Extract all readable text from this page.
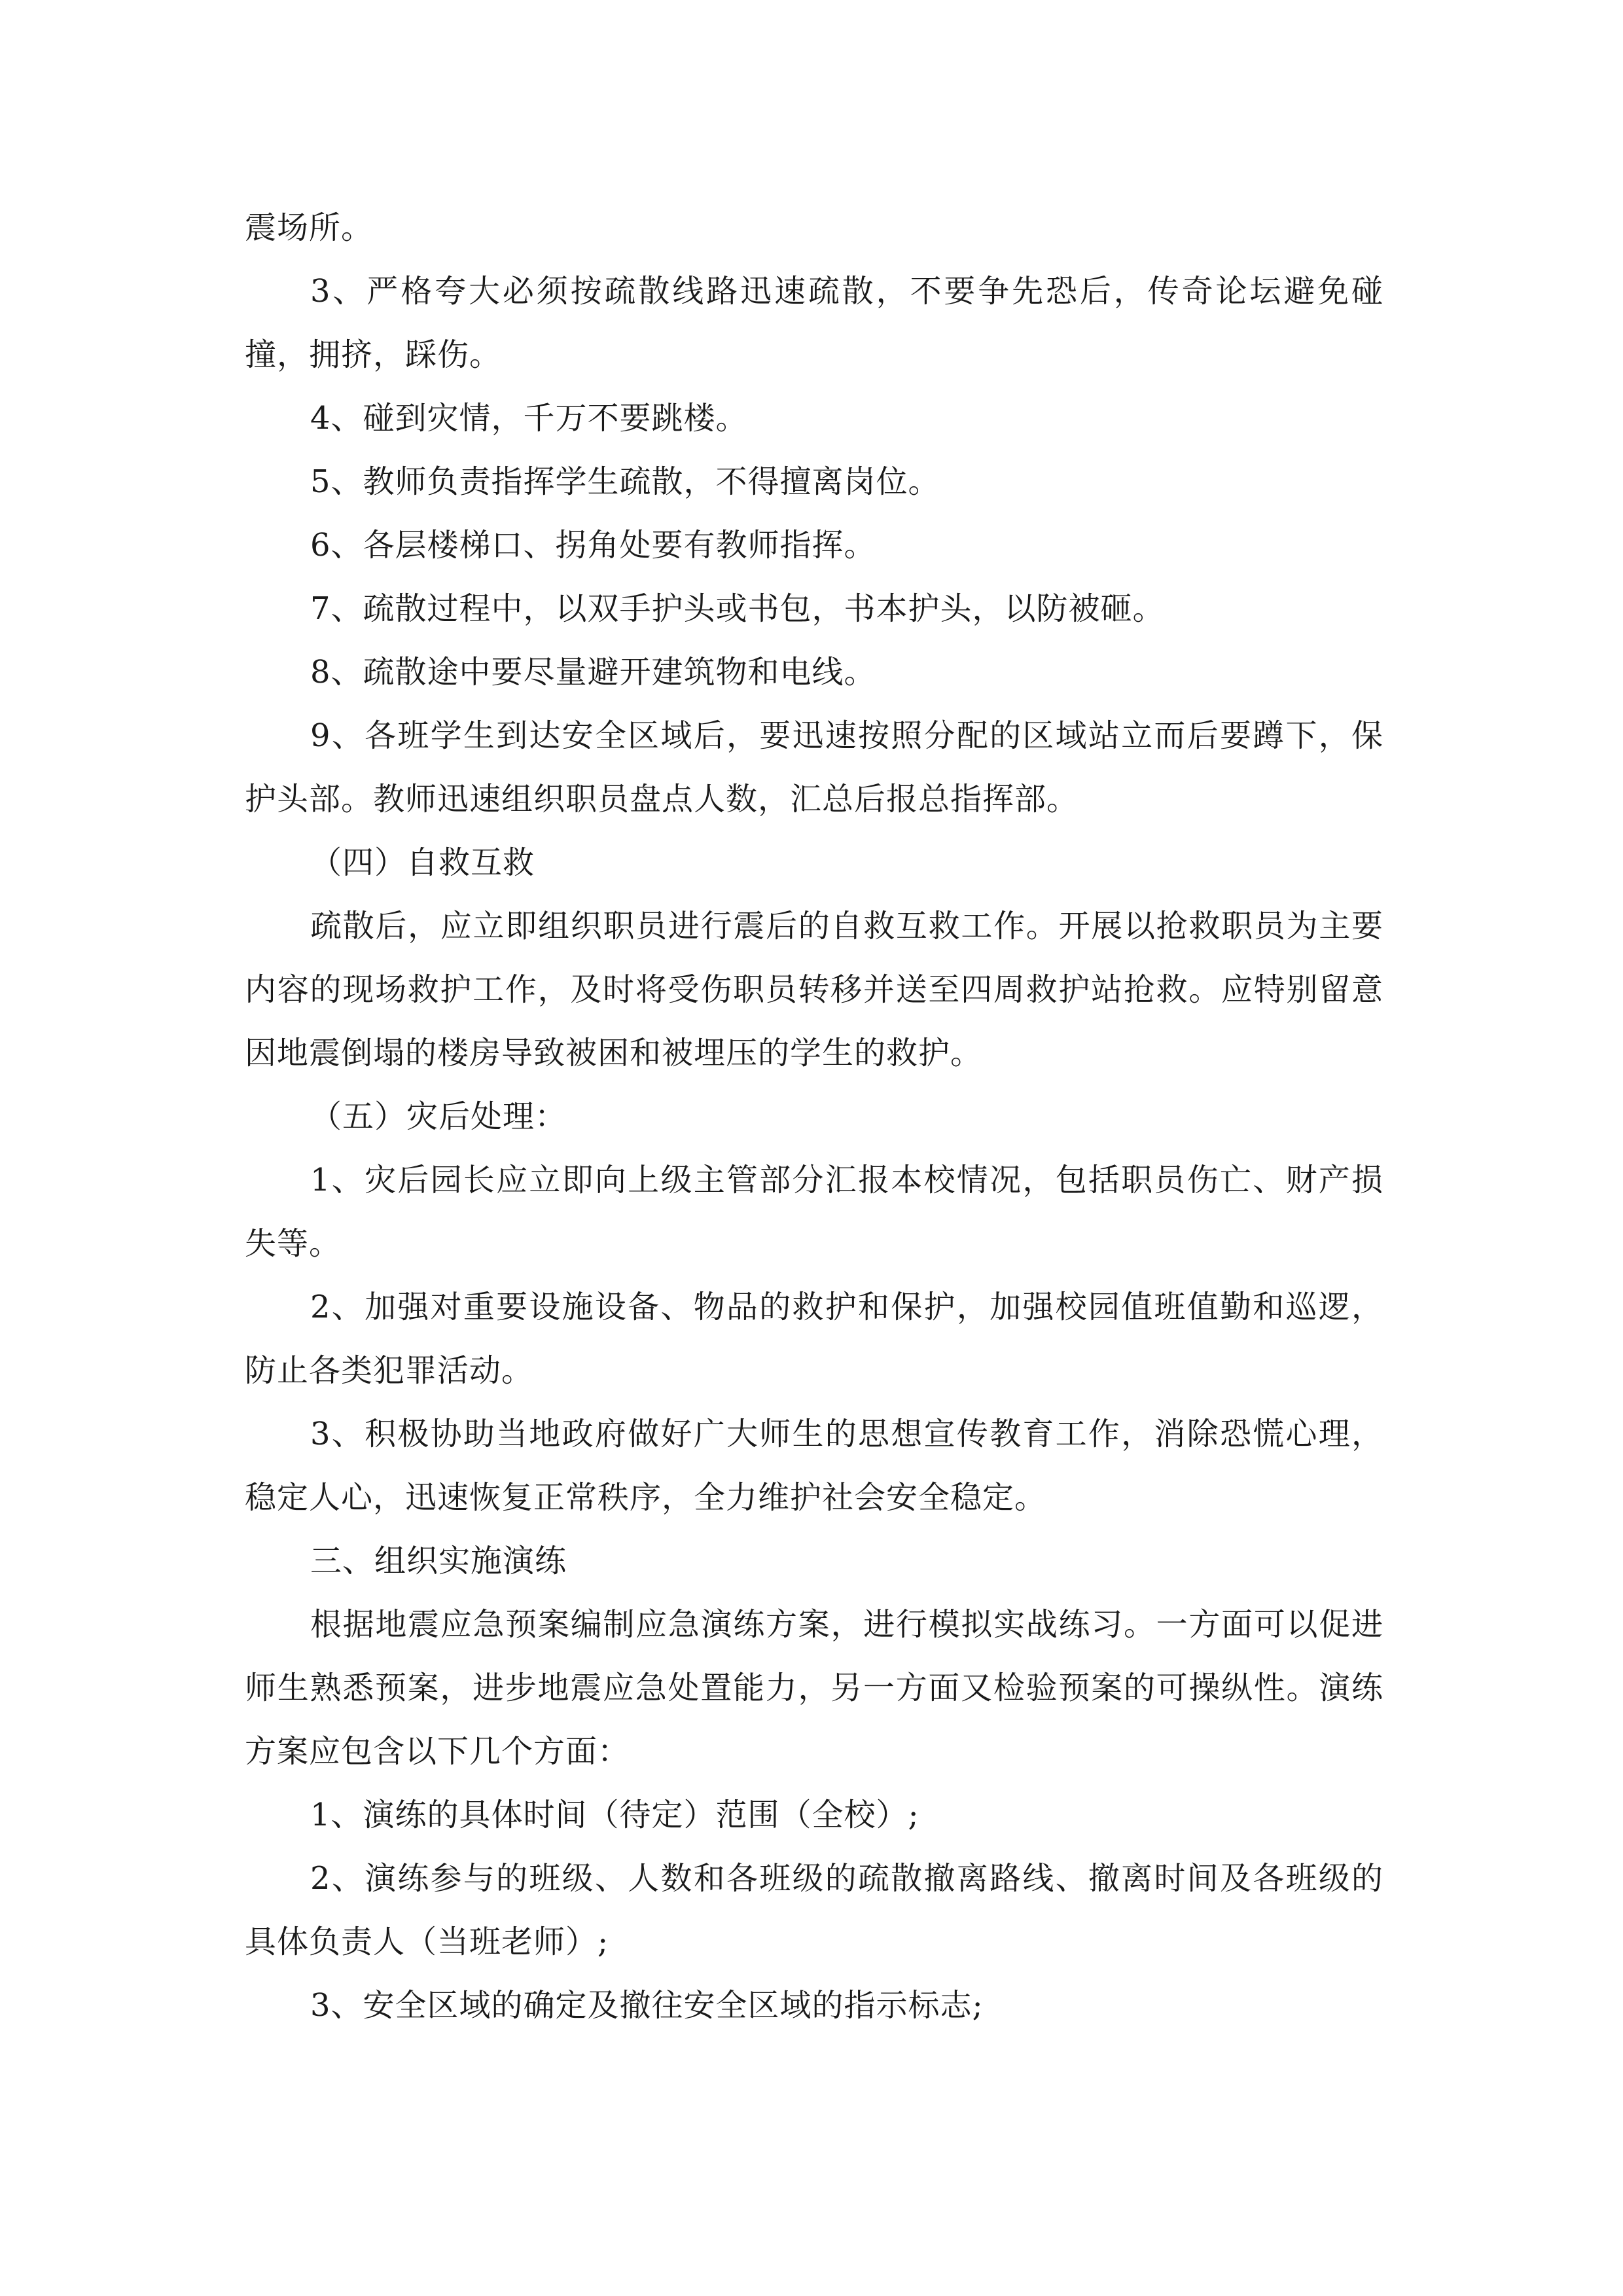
震场所。

3、严格夸大必须按疏散线路迅速疏散，不要争先恐后，传奇论坛避免碰撞，拥挤，踩伤。

4、碰到灾情，千万不要跳楼。

5、教师负责指挥学生疏散，不得擅离岗位。

6、各层楼梯口、拐角处要有教师指挥。

7、疏散过程中，以双手护头或书包，书本护头，以防被砸。

8、疏散途中要尽量避开建筑物和电线。

9、各班学生到达安全区域后，要迅速按照分配的区域站立而后要蹲下，保护头部。教师迅速组织职员盘点人数，汇总后报总指挥部。

（四）自救互救

疏散后，应立即组织职员进行震后的自救互救工作。开展以抢救职员为主要内容的现场救护工作，及时将受伤职员转移并送至四周救护站抢救。应特别留意因地震倒塌的楼房导致被困和被埋压的学生的救护。

（五）灾后处理：

1、灾后园长应立即向上级主管部分汇报本校情况，包括职员伤亡、财产损失等。

2、加强对重要设施设备、物品的救护和保护，加强校园值班值勤和巡逻，防止各类犯罪活动。

3、积极协助当地政府做好广大师生的思想宣传教育工作，消除恐慌心理，稳定人心，迅速恢复正常秩序，全力维护社会安全稳定。

三、组织实施演练

根据地震应急预案编制应急演练方案，进行模拟实战练习。一方面可以促进师生熟悉预案，进步地震应急处置能力，另一方面又检验预案的可操纵性。演练方案应包含以下几个方面：

1、演练的具体时间（待定）范围（全校）;

2、演练参与的班级、人数和各班级的疏散撤离路线、撤离时间及各班级的具体负责人（当班老师）;

3、安全区域的确定及撤往安全区域的指示标志;
